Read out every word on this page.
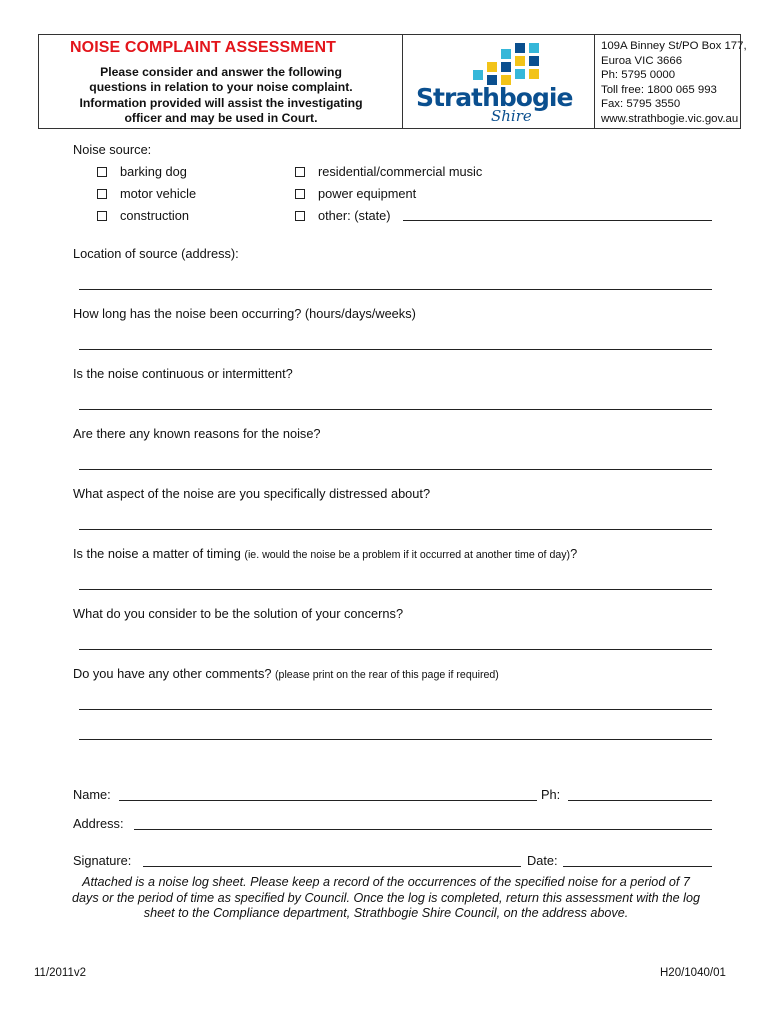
NOISE COMPLAINT ASSESSMENT
Please consider and answer the following
questions in relation to your noise complaint.
Information provided will assist the investigating
officer and may be used in Court.
Strathbogie
Shire
109A Binney St/PO Box 177,
Euroa VIC 3666
Ph: 5795 0000
Toll free: 1800 065 993
Fax: 5795 3550
www.strathbogie.vic.gov.au
Noise source:
barking dog	residential/commercial music
motor vehicle	power equipment
construction	other: (state)
Location of source (address):
How long has the noise been occurring? (hours/days/weeks)
Is the noise continuous or intermittent?
Are there any known reasons for the noise?
What aspect of the noise are you specifically distressed about?
Is the noise a matter of timing (ie. would the noise be a problem if it occurred at another time of day)?
What do you consider to be the solution of your concerns?
Do you have any other comments? (please print on the rear of this page if required)
Name:	Ph:
Address:
Signature:	Date:
Attached is a noise log sheet. Please keep a record of the occurrences of the specified noise for a period of 7 days or the period of time as specified by Council. Once the log is completed, return this assessment with the log sheet to the Compliance department, Strathbogie Shire Council, on the address above.
11/2011v2	H20/1040/01
